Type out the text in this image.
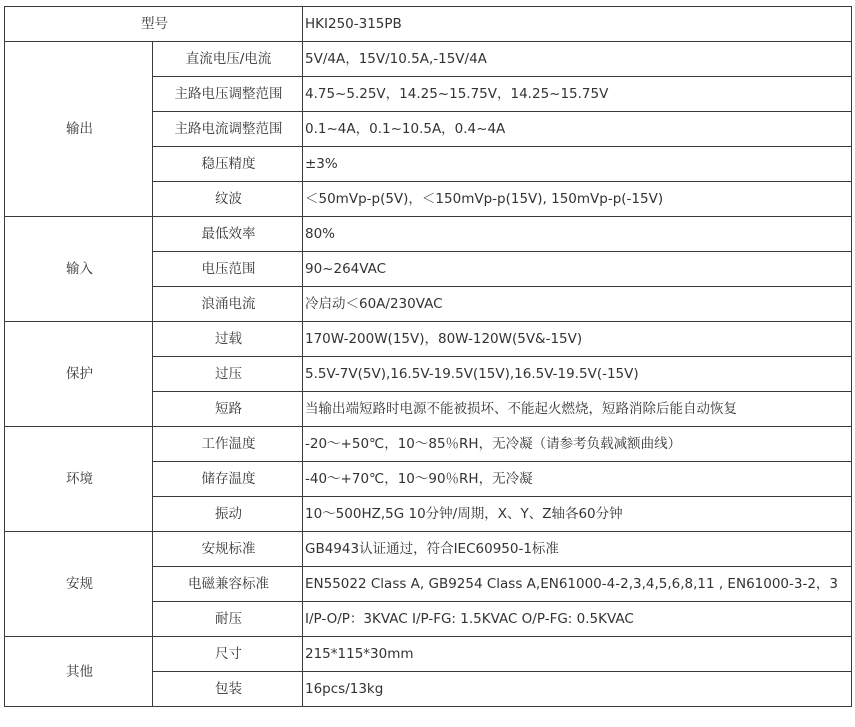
型号		HKI250-315PB
输出	直流电压/电流	5V/4A，15V/10.5A,-15V/4A
	主路电压调整范围	4.75~5.25V，14.25~15.75V，14.25~15.75V
	主路电流调整范围	0.1~4A，0.1~10.5A，0.4~4A
	稳压精度	±3%
	纹波	＜50mVp-p(5V)，＜150mVp-p(15V), 150mVp-p(-15V)
输入	最低效率	80%
	电压范围	90~264VAC
	浪涌电流	冷启动＜60A/230VAC
保护	过载	170W-200W(15V)，80W-120W(5V&-15V)
	过压	5.5V-7V(5V),16.5V-19.5V(15V),16.5V-19.5V(-15V)
	短路	当输出端短路时电源不能被损坏、不能起火燃烧，短路消除后能自动恢复
环境	工作温度	-20～+50℃，10～85％RH，无冷凝（请参考负载减额曲线）
	储存温度	-40～+70℃，10～90％RH，无冷凝
	振动	10～500HZ,5G 10分钟/周期，X、Y、Z轴各60分钟
安规	安规标准	GB4943认证通过，符合IEC60950-1标准
	电磁兼容标准	EN55022 Class A, GB9254 Class A,EN61000-4-2,3,4,5,6,8,11 , EN61000-3-2，3
	耐压	I/P-O/P：3KVAC I/P-FG: 1.5KVAC O/P-FG: 0.5KVAC
其他	尺寸	215*115*30mm
	包装	16pcs/13kg
